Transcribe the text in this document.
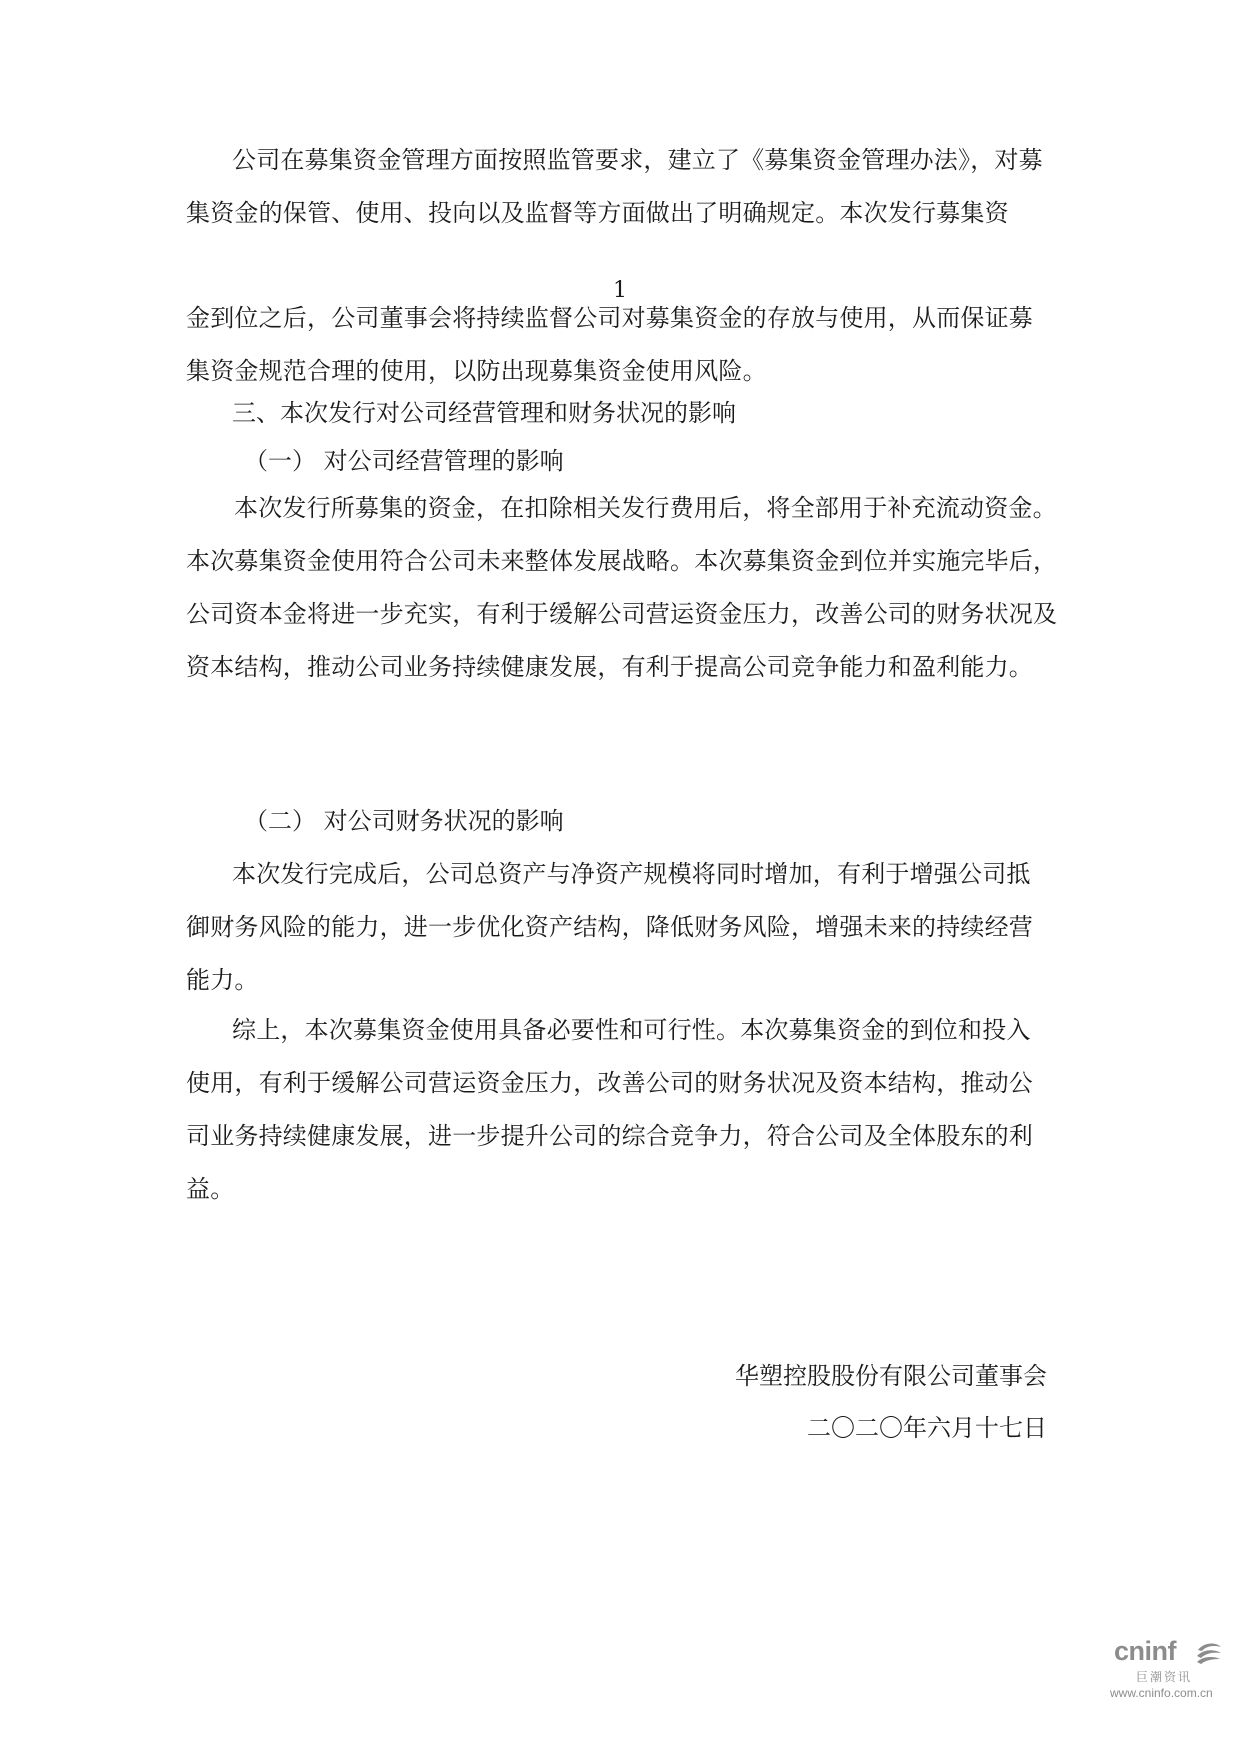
公司在募集资金管理方面按照监管要求，建立了《募集资金管理办法》，对募集资金的保管、使用、投向以及监督等方面做出了明确规定。本次发行募集资

1

金到位之后，公司董事会将持续监督公司对募集资金的存放与使用，从而保证募集资金规范合理的使用，以防出现募集资金使用风险。

三、本次发行对公司经营管理和财务状况的影响
（一） 对公司经营管理的影响

本次发行所募集的资金，在扣除相关发行费用后，将全部用于补充流动资金。本次募集资金使用符合公司未来整体发展战略。本次募集资金到位并实施完毕后，公司资本金将进一步充实，有利于缓解公司营运资金压力，改善公司的财务状况及资本结构，推动公司业务持续健康发展，有利于提高公司竞争能力和盈利能力。

（二） 对公司财务状况的影响

本次发行完成后，公司总资产与净资产规模将同时增加，有利于增强公司抵御财务风险的能力，进一步优化资产结构，降低财务风险，增强未来的持续经营能力。

综上，本次募集资金使用具备必要性和可行性。本次募集资金的到位和投入使用，有利于缓解公司营运资金压力，改善公司的财务状况及资本结构，推动公司业务持续健康发展，进一步提升公司的综合竞争力，符合公司及全体股东的利益。

华塑控股股份有限公司董事会
二〇二〇年六月十七日
cninf
巨潮资讯
www.cninfo.com.cn
